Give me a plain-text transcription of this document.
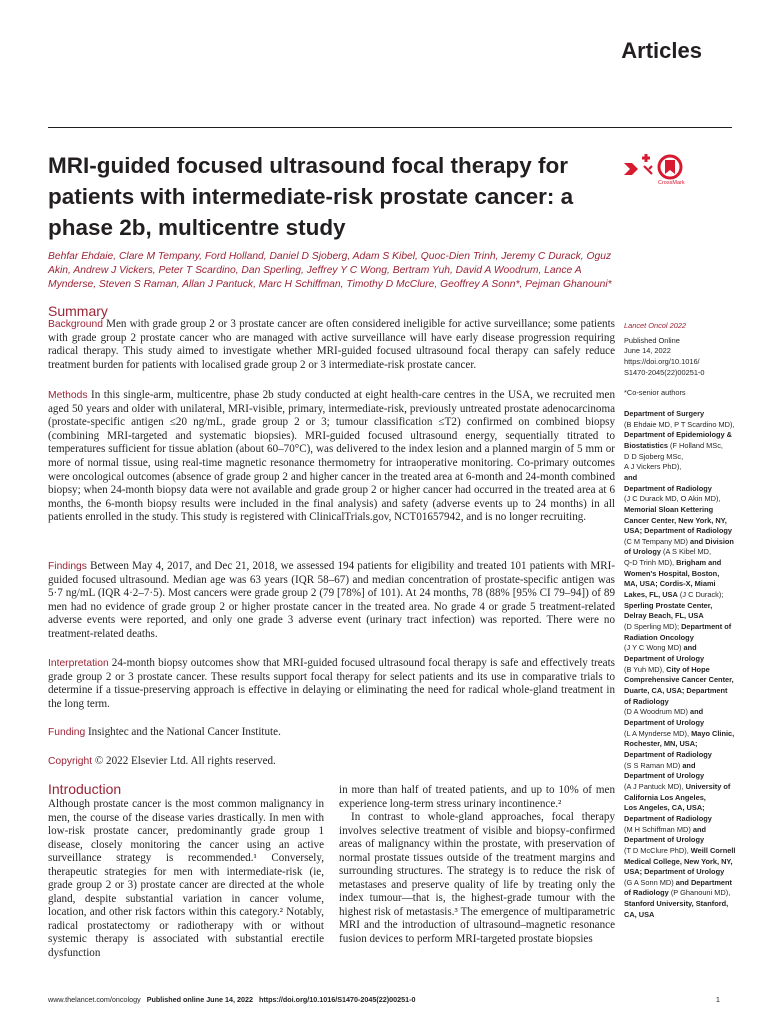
Articles
MRI-guided focused ultrasound focal therapy for patients with intermediate-risk prostate cancer: a phase 2b, multicentre study
CrossMark
Behfar Ehdaie, Clare M Tempany, Ford Holland, Daniel D Sjoberg, Adam S Kibel, Quoc-Dien Trinh, Jeremy C Durack, Oguz Akin, Andrew J Vickers, Peter T Scardino, Dan Sperling, Jeffrey Y C Wong, Bertram Yuh, David A Woodrum, Lance A Mynderse, Steven S Raman, Allan J Pantuck, Marc H Schiffman, Timothy D McClure, Geoffrey A Sonn*, Pejman Ghanouni*
Summary
Background Men with grade group 2 or 3 prostate cancer are often considered ineligible for active surveillance; some patients with grade group 2 prostate cancer who are managed with active surveillance will have early disease progression requiring radical therapy. This study aimed to investigate whether MRI-guided focused ultrasound focal therapy can safely reduce treatment burden for patients with localised grade group 2 or 3 intermediate-risk prostate cancer.
Methods In this single-arm, multicentre, phase 2b study conducted at eight health-care centres in the USA, we recruited men aged 50 years and older with unilateral, MRI-visible, primary, intermediate-risk, previously untreated prostate adenocarcinoma (prostate-specific antigen ≤20 ng/mL, grade group 2 or 3; tumour classification ≤T2) confirmed on combined biopsy (combining MRI-targeted and systematic biopsies). MRI-guided focused ultrasound energy, sequentially titrated to temperatures sufficient for tissue ablation (about 60–70°C), was delivered to the index lesion and a planned margin of 5 mm or more of normal tissue, using real-time magnetic resonance thermometry for intraoperative monitoring. Co-primary outcomes were oncological outcomes (absence of grade group 2 and higher cancer in the treated area at 6-month and 24-month combined biopsy; when 24-month biopsy data were not available and grade group 2 or higher cancer had occurred in the treated area at 6 months, the 6-month biopsy results were included in the final analysis) and safety (adverse events up to 24 months) in all patients enrolled in the study. This study is registered with ClinicalTrials.gov, NCT01657942, and is no longer recruiting.
Findings Between May 4, 2017, and Dec 21, 2018, we assessed 194 patients for eligibility and treated 101 patients with MRI-guided focused ultrasound. Median age was 63 years (IQR 58–67) and median concentration of prostate-specific antigen was 5·7 ng/mL (IQR 4·2–7·5). Most cancers were grade group 2 (79 [78%] of 101). At 24 months, 78 (88% [95% CI 79–94]) of 89 men had no evidence of grade group 2 or higher prostate cancer in the treated area. No grade 4 or grade 5 treatment-related adverse events were reported, and only one grade 3 adverse event (urinary tract infection) was reported. There were no treatment-related deaths.
Interpretation 24-month biopsy outcomes show that MRI-guided focused ultrasound focal therapy is safe and effectively treats grade group 2 or 3 prostate cancer. These results support focal therapy for select patients and its use in comparative trials to determine if a tissue-preserving approach is effective in delaying or eliminating the need for radical whole-gland treatment in the long term.
Funding Insightec and the National Cancer Institute.
Copyright © 2022 Elsevier Ltd. All rights reserved.
Introduction

Although prostate cancer is the most common malignancy in men, the course of the disease varies drastically. In men with low-risk prostate cancer, predominantly grade group 1 disease, closely monitoring the cancer using an active surveillance strategy is recommended.¹ Conversely, therapeutic strategies for men with intermediate-risk (ie, grade group 2 or 3) prostate cancer are directed at the whole gland, despite substantial variation in cancer volume, location, and other risk factors within this category.² Notably, radical prostatectomy or radiotherapy with or without systemic therapy is associated with substantial erectile dysfunction

in more than half of treated patients, and up to 10% of men experience long-term stress urinary incontinence.²

In contrast to whole-gland approaches, focal therapy involves selective treatment of visible and biopsy-confirmed areas of malignancy within the prostate, with preservation of normal prostate tissues outside of the treatment margins and surrounding structures. The strategy is to reduce the risk of metastases and preserve quality of life by treating only the index tumour—that is, the highest-grade tumour with the highest risk of metastasis.³ The emergence of multiparametric MRI and the introduction of ultrasound–magnetic resonance fusion devices to perform MRI-targeted prostate biopsies

Lancet Oncol 2022
Published Online
June 14, 2022
https://doi.org/10.1016/
S1470-2045(22)00251-0
*Co-senior authors
Department of Surgery
(B Ehdaie MD, P T Scardino MD),
Department of Epidemiology &
Biostatistics (F Holland MSc,
D D Sjoberg MSc,
A J Vickers PhD),
and
Department of Radiology
(J C Durack MD, O Akin MD),
Memorial Sloan Kettering
Cancer Center, New York, NY,
USA; Department of Radiology
(C M Tempany MD) and Division
of Urology (A S Kibel MD,
Q-D Trinh MD), Brigham and
Women's Hospital, Boston,
MA, USA; Cordis-X, Miami
Lakes, FL, USA (J C Durack);
Sperling Prostate Center,
Delray Beach, FL, USA
(D Sperling MD); Department of
Radiation Oncology
(J Y C Wong MD) and
Department of Urology
(B Yuh MD), City of Hope
Comprehensive Cancer Center,
Duarte, CA, USA; Department
of Radiology
(D A Woodrum MD) and
Department of Urology
(L A Mynderse MD), Mayo Clinic,
Rochester, MN, USA;
Department of Radiology
(S S Raman MD) and
Department of Urology
(A J Pantuck MD), University of
California Los Angeles,
Los Angeles, CA, USA;
Department of Radiology
(M H Schiffman MD) and
Department of Urology
(T D McClure PhD), Weill Cornell
Medical College, New York, NY,
USA; Department of Urology
(G A Sonn MD) and Department
of Radiology (P Ghanouni MD),
Stanford University, Stanford,
CA, USA
www.thelancet.com/oncology Published online June 14, 2022 https://doi.org/10.1016/S1470-2045(22)00251-0	1
